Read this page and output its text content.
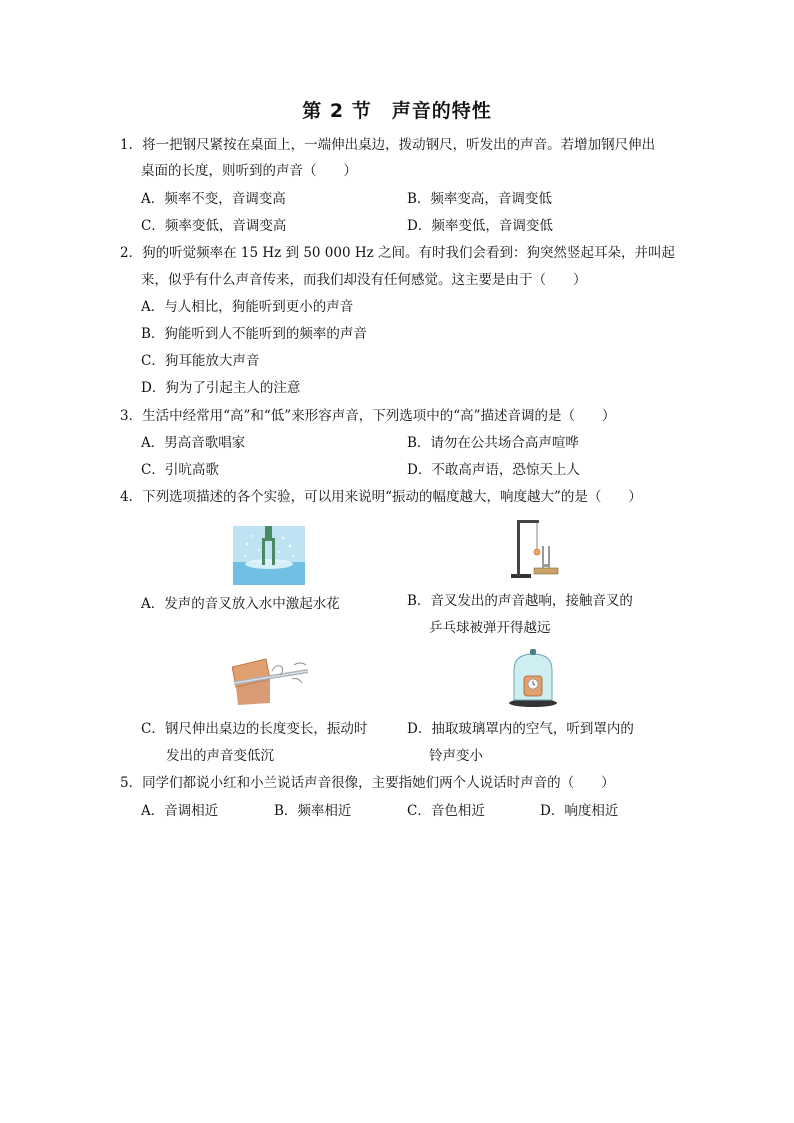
第 2 节　声音的特性
1．将一把钢尺紧按在桌面上，一端伸出桌边，拨动钢尺，听发出的声音。若增加钢尺伸出
桌面的长度，则听到的声音（　　）
A．频率不变，音调变高	B．频率变高，音调变低
C．频率变低，音调变高	D．频率变低，音调变低
2．狗的听觉频率在 15 Hz 到 50 000 Hz 之间。有时我们会看到：狗突然竖起耳朵，并叫起
来，似乎有什么声音传来，而我们却没有任何感觉。这主要是由于（　　）
A．与人相比，狗能听到更小的声音
B．狗能听到人不能听到的频率的声音
C．狗耳能放大声音
D．狗为了引起主人的注意
3．生活中经常用“高”和“低”来形容声音，下列选项中的“高”描述音调的是（　　）
A．男高音歌唱家	B．请勿在公共场合高声喧哗
C．引吭高歌	D．不敢高声语，恐惊天上人
4．下列选项描述的各个实验，可以用来说明“振动的幅度越大，响度越大”的是（　　）
A．发声的音叉放入水中激起水花	B．音叉发出的声音越响，接触音叉的
乒乓球被弹开得越远
C．钢尺伸出桌边的长度变长，振动时
发出的声音变低沉
D．抽取玻璃罩内的空气，听到罩内的
铃声变小
5．同学们都说小红和小兰说话声音很像，主要指她们两个人说话时声音的（　　）
A．音调相近	B．频率相近	C．音色相近	D．响度相近
